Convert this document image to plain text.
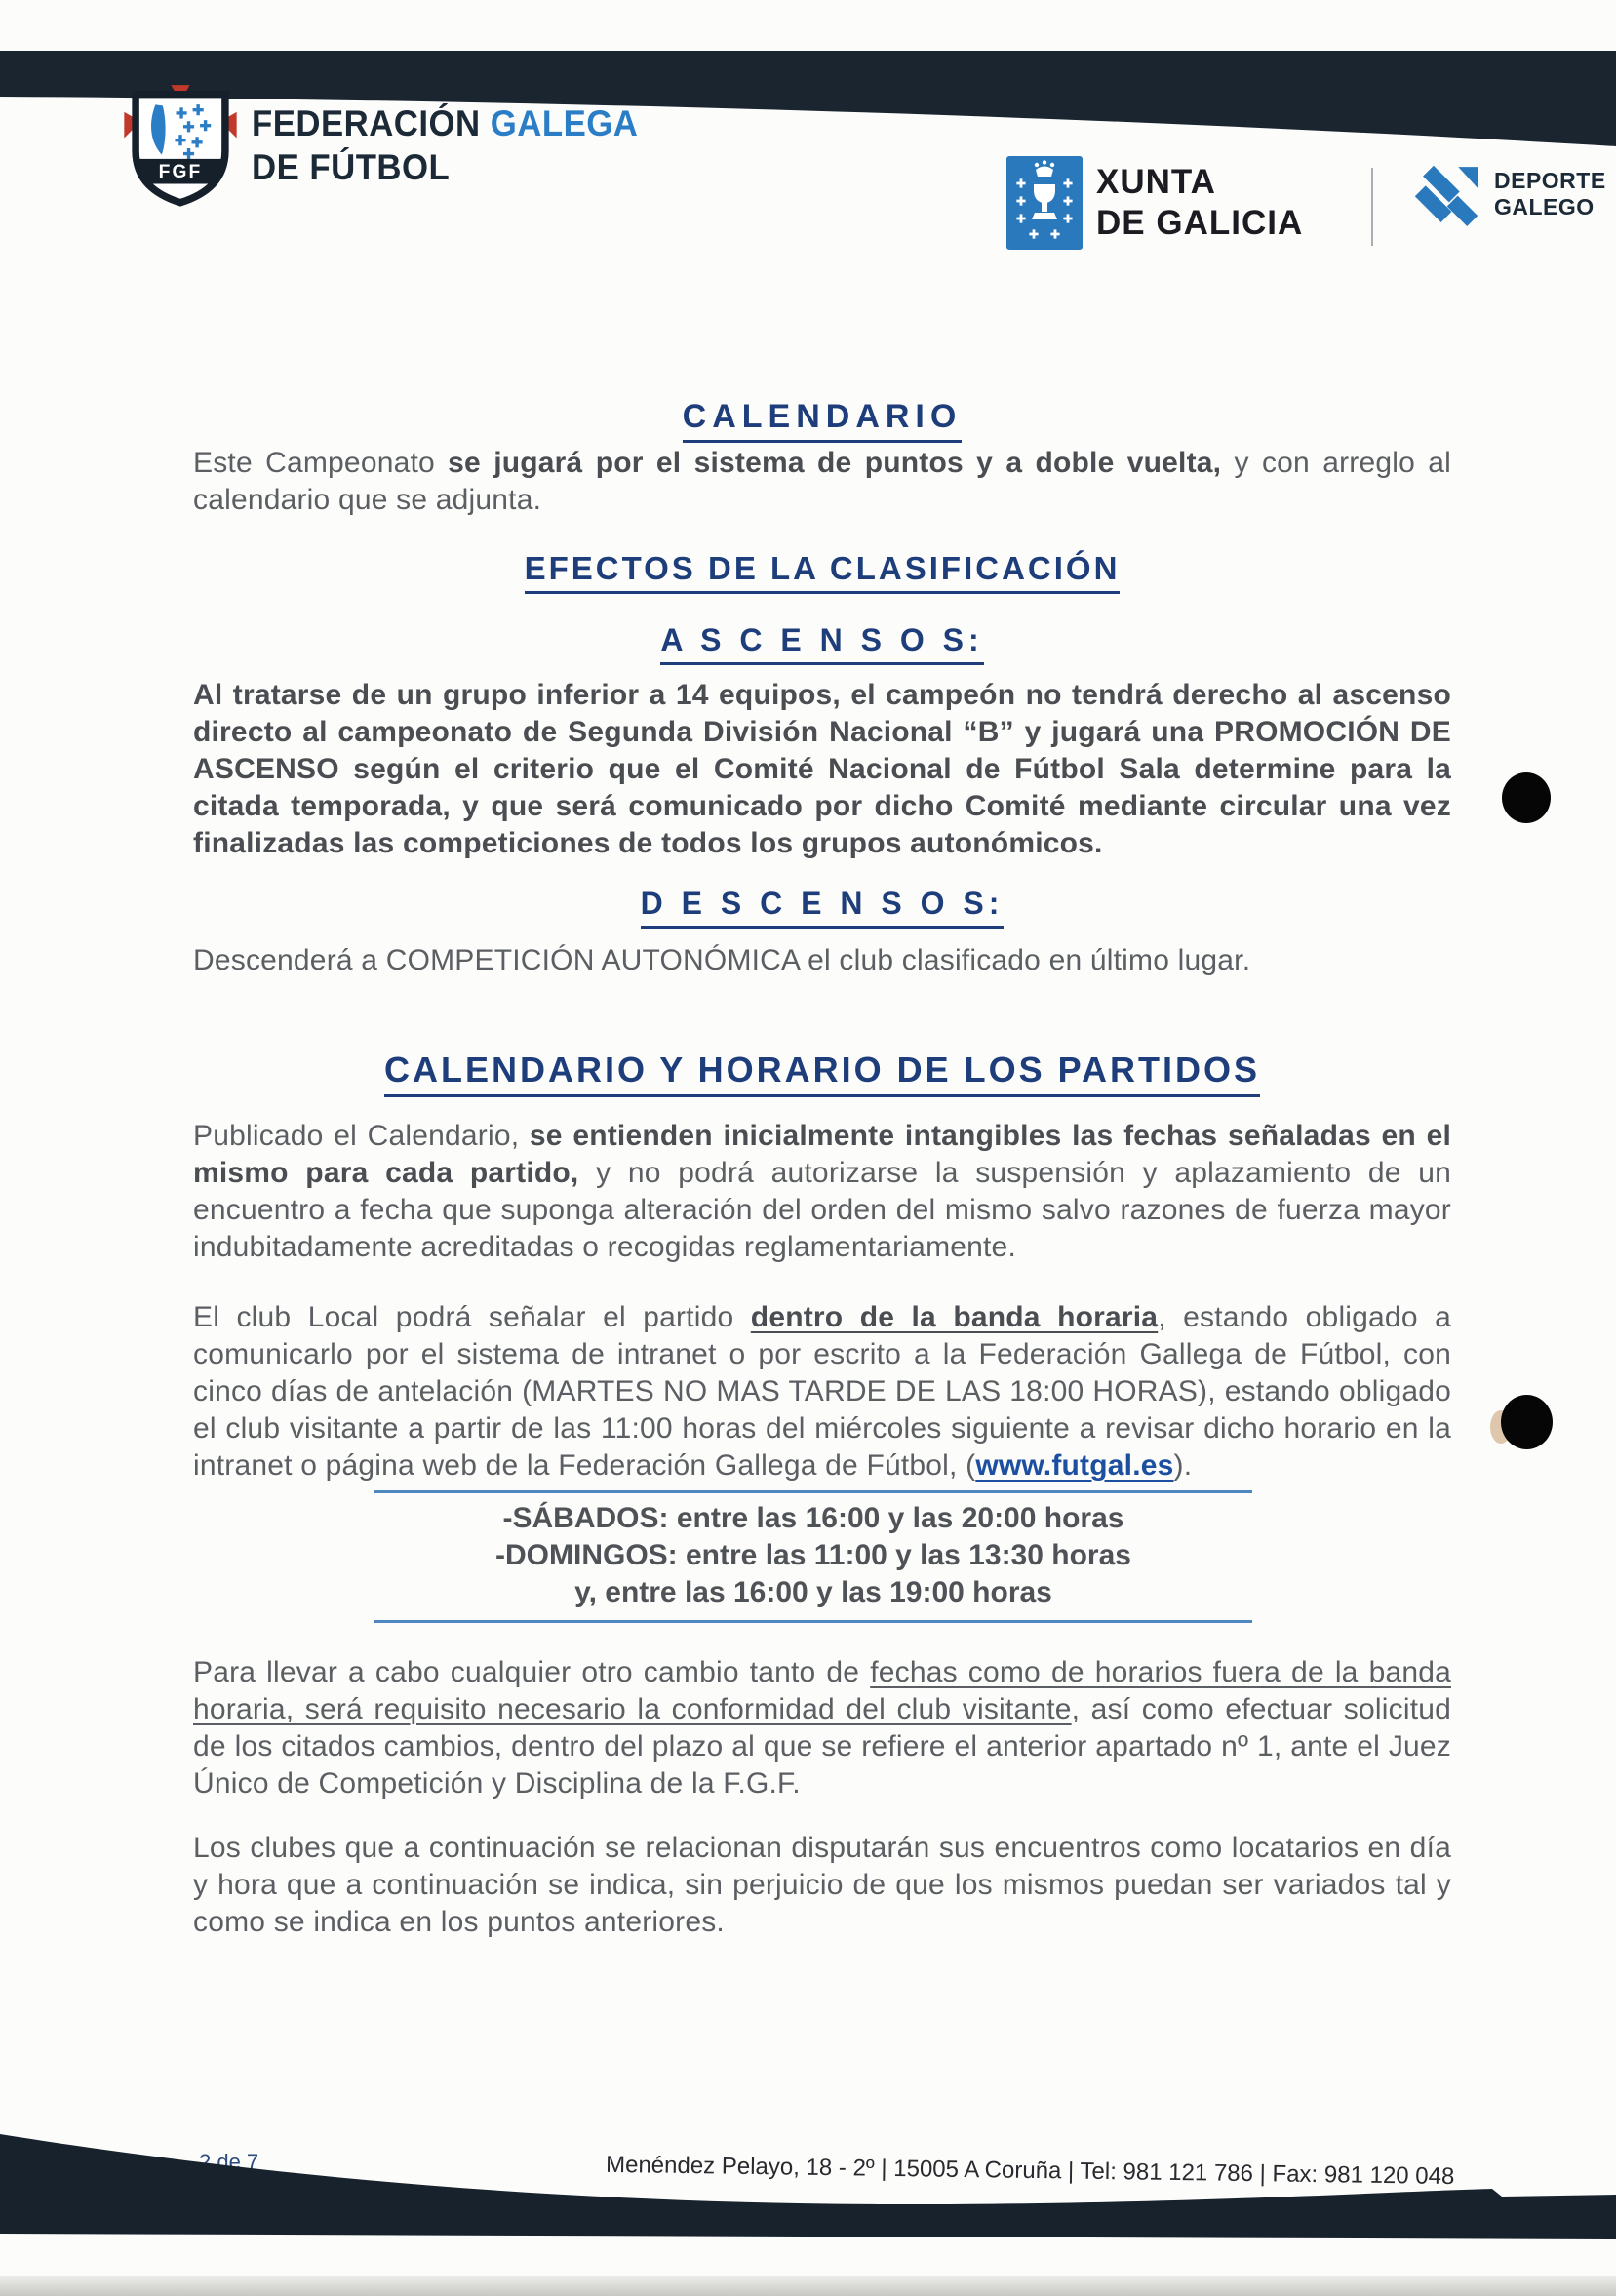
FGF
FEDERACIÓN GALEGA
DE FÚTBOL	XUNTA
DE GALICIA
DEPORTE
GALEGO
CALENDARIO
Este Campeonato se jugará por el sistema de puntos y a doble vuelta, y con arreglo al calendario que se adjunta.
EFECTOS DE LA CLASIFICACIÓN
A S C E N S O S:
Al tratarse de un grupo inferior a 14 equipos, el campeón no tendrá derecho al ascenso directo al campeonato de Segunda División Nacional “B” y jugará una PROMOCIÓN DE ASCENSO según el criterio que el Comité Nacional de Fútbol Sala determine para la citada temporada, y que será comunicado por dicho Comité mediante circular una vez finalizadas las competiciones de todos los grupos autonómicos.
D E S C E N S O S:
Descenderá a COMPETICIÓN AUTONÓMICA el club clasificado en último lugar.
CALENDARIO Y HORARIO DE LOS PARTIDOS
Publicado el Calendario, se entienden inicialmente intangibles las fechas señaladas en el mismo para cada partido, y no podrá autorizarse la suspensión y aplazamiento de un encuentro a fecha que suponga alteración del orden del mismo salvo razones de fuerza mayor indubitadamente acreditadas o recogidas reglamentariamente.
El club Local podrá señalar el partido dentro de la banda horaria, estando obligado a comunicarlo por el sistema de intranet o por escrito a la Federación Gallega de Fútbol, con cinco días de antelación (MARTES NO MAS TARDE DE LAS 18:00 HORAS), estando obligado el club visitante a partir de las 11:00 horas del miércoles siguiente a revisar dicho horario en la intranet o página web de la Federación Gallega de Fútbol, (www.futgal.es).
-SÁBADOS: entre las 16:00 y las 20:00 horas
-DOMINGOS: entre las 11:00 y las 13:30 horas
y, entre las 16:00 y las 19:00 horas
Para llevar a cabo cualquier otro cambio tanto de fechas como de horarios fuera de la banda horaria, será requisito necesario la conformidad del club visitante, así como efectuar solicitud de los citados cambios, dentro del plazo al que se refiere el anterior apartado nº 1, ante el Juez Único de Competición y Disciplina de la F.G.F.
Los clubes que a continuación se relacionan disputarán sus encuentros como locatarios en día y hora que a continuación se indica, sin perjuicio de que los mismos puedan ser variados tal y como se indica en los puntos anteriores.
2 de 7	Menéndez Pelayo, 18 - 2º | 15005 A Coruña | Tel: 981 121 786 | Fax: 981 120 048
